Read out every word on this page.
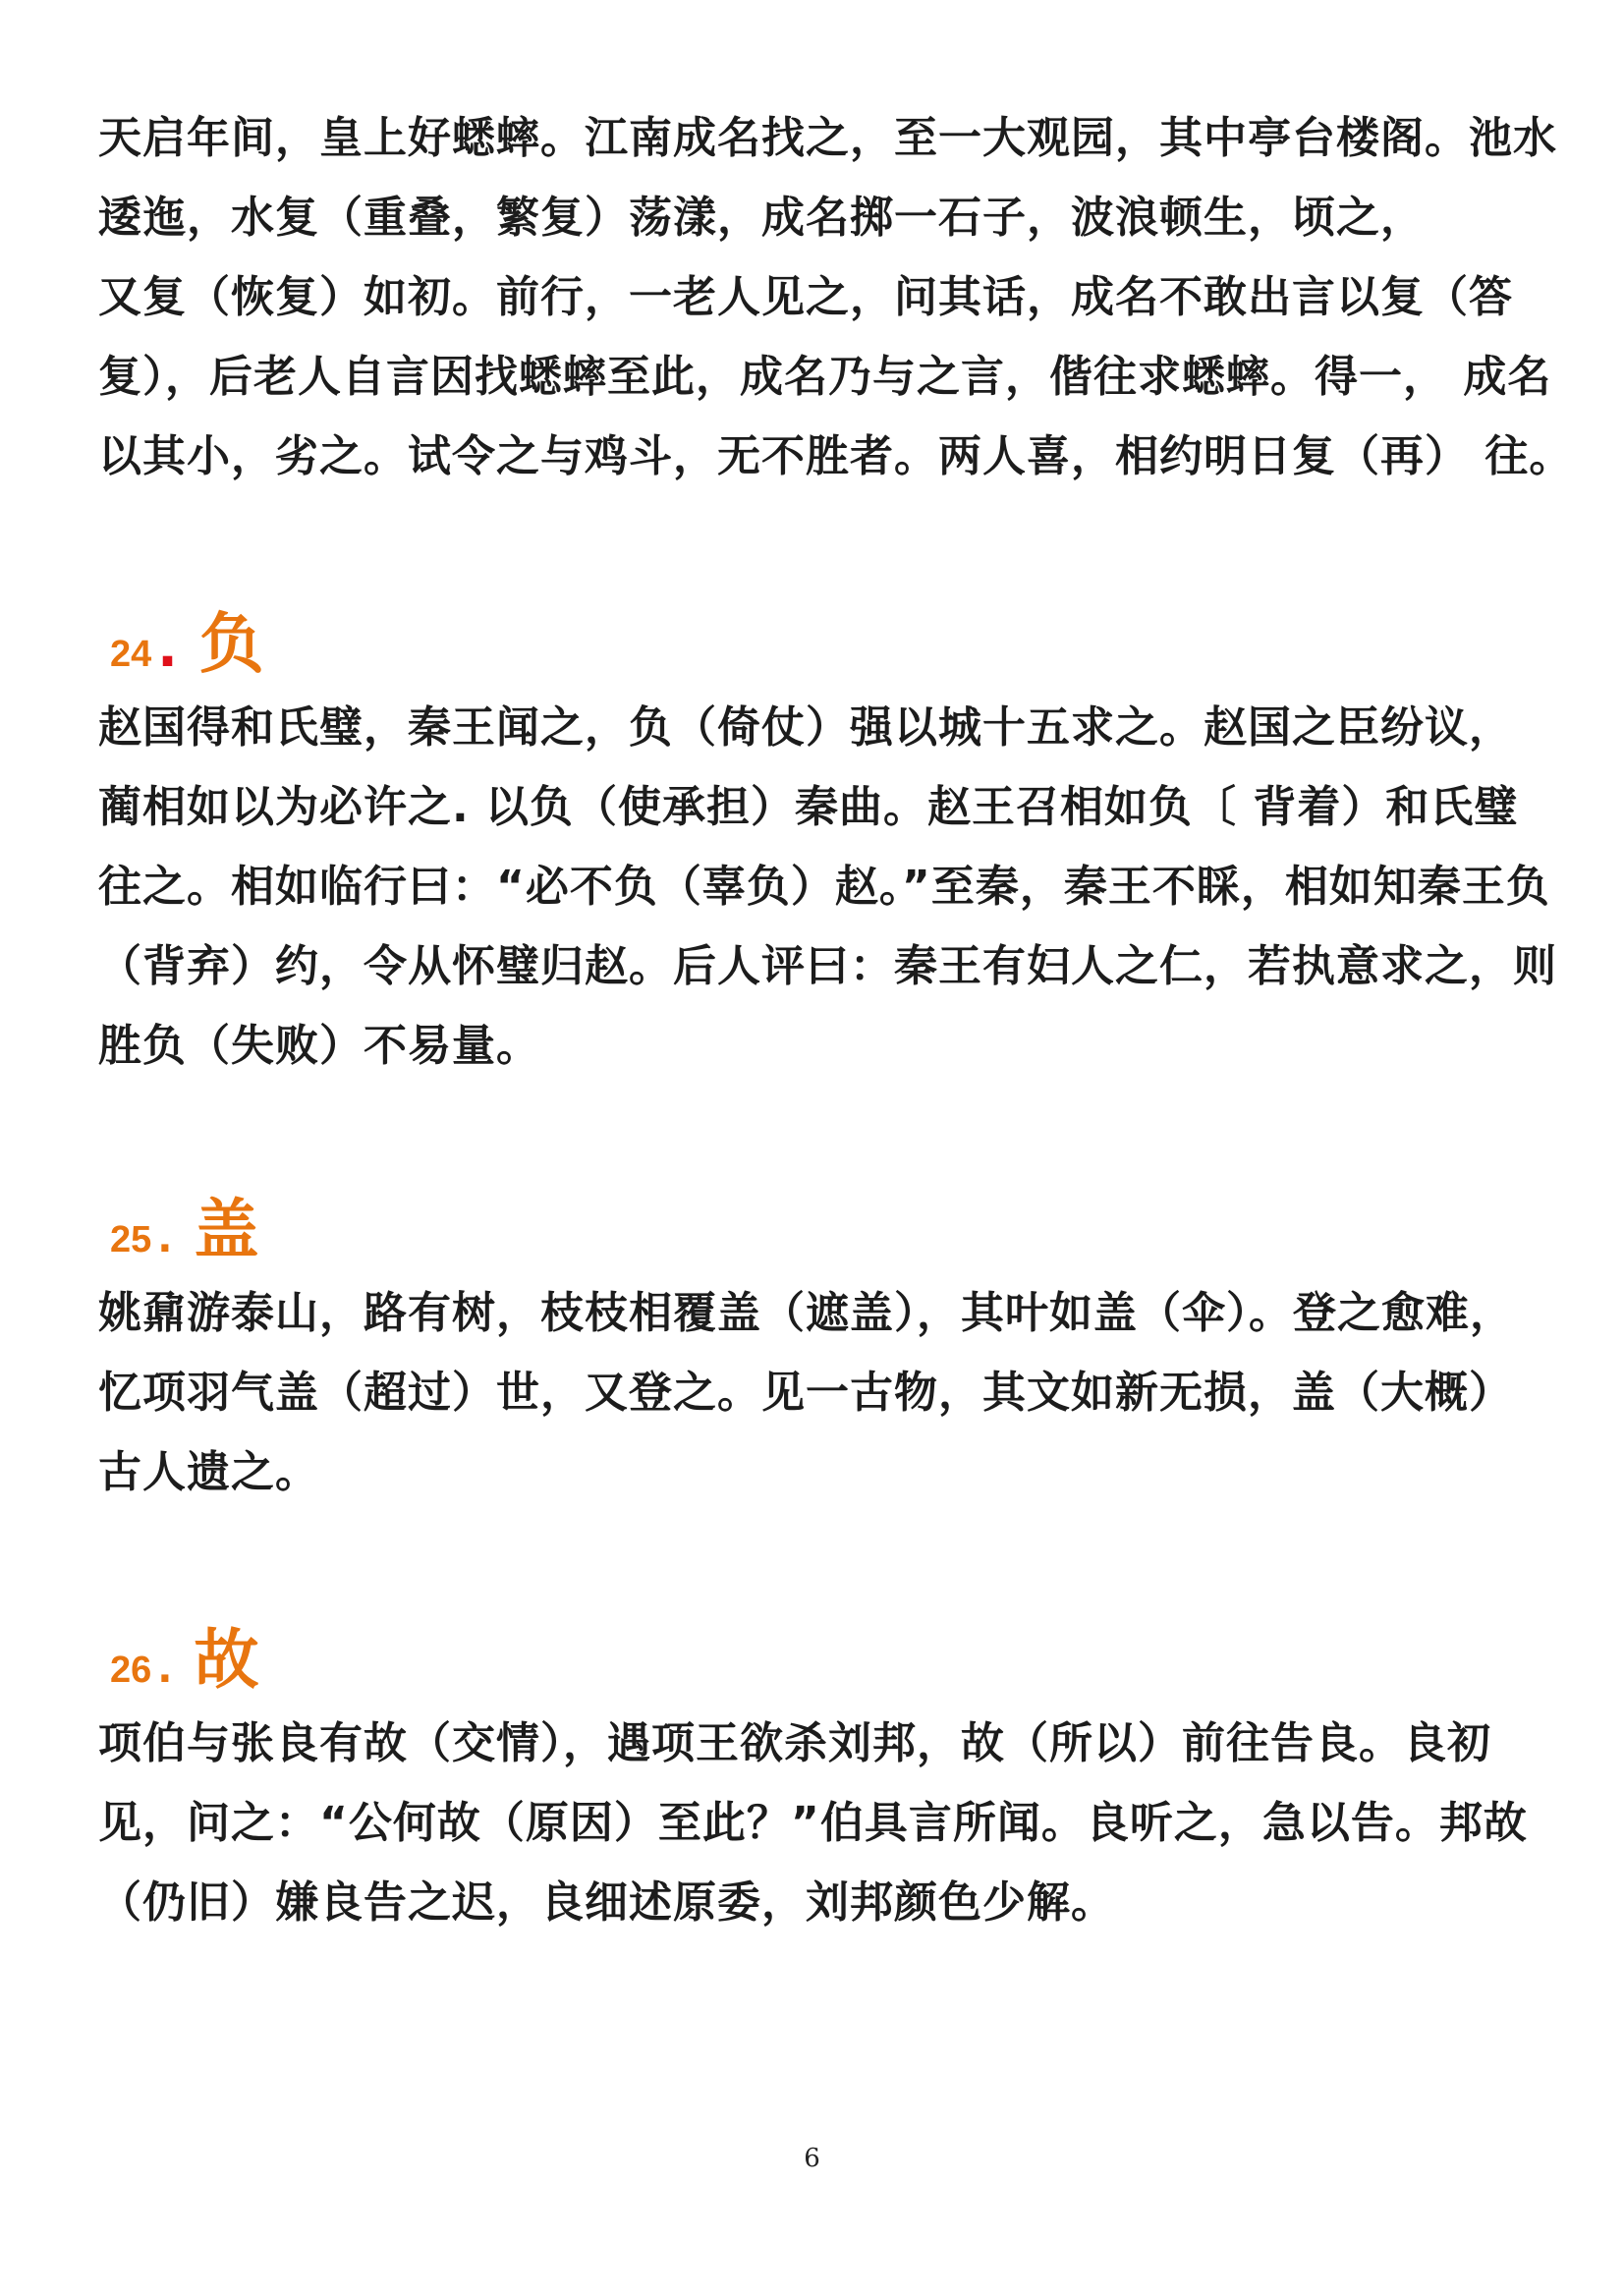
天启年间，皇上好蟋蟀。江南成名找之，至一大观园，其中亭台楼阁。池水
逶迤，水复（重叠，繁复）荡漾，成名掷一石子，波浪顿生，顷之，
又复（恢复）如初。前行，一老人见之，问其话，成名不敢出言以复（答
复），后老人自言因找蟋蟀至此，成名乃与之言，偕往求蟋蟀。得一， 成名
以其小，劣之。试令之与鸡斗，无不胜者。两人喜，相约明日复（再） 往。
24 . 负
赵国得和氏璧，秦王闻之，负（倚仗）强以城十五求之。赵国之臣纷议，
蔺相如以为必许之. 以负（使承担）秦曲。赵王召相如负〔 背着）和氏璧
往之。相如临行曰：“必不负（辜负）赵。”至秦，秦王不睬，相如知秦王负
（背弃）约，令从怀璧归赵。后人评曰：秦王有妇人之仁，若执意求之，则
胜负（失败）不易量。
25 . 盖
姚鼐游泰山，路有树，枝枝相覆盖（遮盖），其叶如盖（伞）。登之愈难，
忆项羽气盖（超过）世，又登之。见一古物，其文如新无损，盖（大概）
古人遗之。
26 . 故
项伯与张良有故（交情），遇项王欲杀刘邦，故（所以）前往告良。良初
见，问之：“公何故（原因）至此？”伯具言所闻。良听之，急以告。邦故
（仍旧）嫌良告之迟，良细述原委，刘邦颜色少解。
6
